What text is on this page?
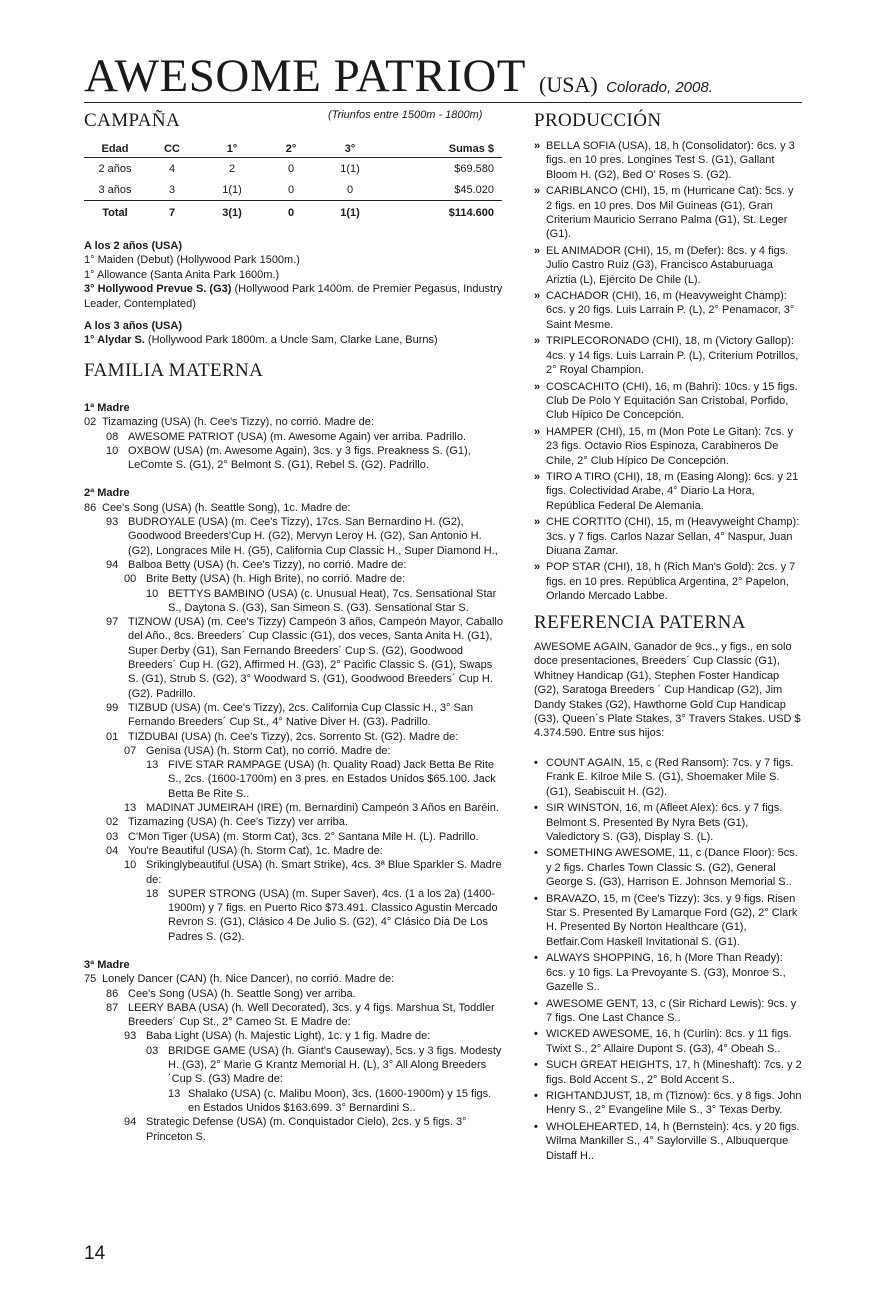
AWESOME PATRIOT (USA) Colorado, 2008.
CAMPAÑA	(Triunfos entre 1500m - 1800m)
Edad	CC	1°	2°	3°	Sumas $
2 años	4	2	0	1(1)	$69.580
3 años	3	1(1)	0	0	$45.020
Total	7	3(1)	0	1(1)	$114.600

A los 2 años (USA)

1° Maiden (Debut) (Hollywood Park 1500m.)

1° Allowance (Santa Anita Park 1600m.)

3° Hollywood Prevue S. (G3) (Hollywood Park 1400m. de Premier Pegasus, Industry Leader, Contemplated)

A los 3 años (USA)

1° Alydar S. (Hollywood Park 1800m. a Uncle Sam, Clarke Lane, Burns)

FAMILIA MATERNA
1ª Madre
02 Tizamazing (USA) (h. Cee's Tizzy), no corrió. Madre de:
08 AWESOME PATRIOT (USA) (m. Awesome Again) ver arriba. Padrillo.
10 OXBOW (USA) (m. Awesome Again), 3cs. y 3 figs. Preakness S. (G1), LeComte S. (G1), 2° Belmont S. (G1), Rebel S. (G2). Padrillo.
2ª Madre
86 Cee's Song (USA) (h. Seattle Song), 1c. Madre de:
93 BUDROYALE (USA) (m. Cee's Tizzy), 17cs. San Bernardino H. (G2), Goodwood Breeders'Cup H. (G2), Mervyn Leroy H. (G2), San Antonio H.(G2), Longraces Mile H. (G5), California Cup Classic H., Super Diamond H.,
94 Balboa Betty (USA) (h. Cee's Tizzy), no corrió. Madre de:
00 Brite Betty (USA) (h. High Brite), no corrió. Madre de:
10 BETTYS BAMBINO (USA) (c. Unusual Heat), 7cs. Sensational Star S., Daytona S. (G3), San Simeon S. (G3). Sensational Star S.
97 TIZNOW (USA) (m. Cee's Tizzy) Campeón 3 años, Campeón Mayor, Caballo del Año., 8cs. Breeders´ Cup Classic (G1), dos veces, Santa Anita H. (G1), Super Derby (G1), San Fernando Breeders´ Cup S. (G2), Goodwood Breeders´ Cup H. (G2), Affirmed H. (G3), 2° Pacific Classic S. (G1), Swaps S. (G1), Strub S. (G2), 3° Woodward S. (G1), Goodwood Breeders´ Cup H. (G2). Padrillo.
99 TIZBUD (USA) (m. Cee's Tizzy), 2cs. California Cup Classic H., 3° San Fernando Breeders´ Cup St., 4° Native Diver H. (G3). Padrillo.
01 TIZDUBAI (USA) (h. Cee's Tizzy), 2cs. Sorrento St. (G2). Madre de:
07 Genisa (USA) (h. Storm Cat), no corrió. Madre de:
13 FIVE STAR RAMPAGE (USA) (h. Quality Road) Jack Betta Be Rite S., 2cs. (1600-1700m) en 3 pres. en Estados Unidos $65.100. Jack Betta Be Rite S..
13 MADINAT JUMEIRAH (IRE) (m. Bernardini) Campeón 3 Años en Baréin.
02 Tizamazing (USA) (h. Cee's Tizzy) ver arriba.
03 C'Mon Tiger (USA) (m. Storm Cat), 3cs. 2° Santana Mile H. (L). Padrillo.
04 You're Beautiful (USA) (h. Storm Cat), 1c. Madre de:
10 Srikinglybeautiful (USA) (h. Smart Strike), 4cs. 3ª Blue Sparkler S. Madre de:
18 SUPER STRONG (USA) (m. Super Saver), 4cs. (1 a los 2a) (1400-1900m) y 7 figs. en Puerto Rico $73.491. Classico Agustin Mercado Revron S. (G1), Clásico 4 De Julio S. (G2), 4° Clásico Dia De Los Padres S. (G2).
3ª Madre
75 Lonely Dancer (CAN) (h. Nice Dancer), no corrió. Madre de:
86 Cee's Song (USA) (h. Seattle Song) ver arriba.
87 LEERY BABA (USA) (h. Well Decorated), 3cs. y 4 figs. Marshua St, Toddler Breeders´ Cup St., 2° Cameo St. E Madre de:
93 Baba Light (USA) (h. Majestic Light), 1c. y 1 fig. Madre de:
03 BRIDGE GAME (USA) (h. Giant's Causeway), 5cs. y 3 figs. Modesty H. (G3), 2° Marie G Krantz Memorial H. (L), 3° All Along Breeders´Cup S. (G3) Madre de:
13 Shalako (USA) (c. Malibu Moon), 3cs. (1600-1900m) y 15 figs. en Estados Unidos $163.699. 3° Bernardini S..
94 Strategic Defense (USA) (m. Conquistador Cielo), 2cs. y 5 figs. 3° Princeton S.
PRODUCCIÓN
» BELLA SOFIA (USA), 18, h (Consolidator): 6cs. y 3 figs. en 10 pres. Longines Test S. (G1), Gallant Bloom H. (G2), Bed O' Roses S. (G2).
» CARIBLANCO (CHI), 15, m (Hurricane Cat): 5cs. y 2 figs. en 10 pres. Dos Mil Guineas (G1), Gran Criterium Mauricio Serrano Palma (G1), St. Leger (G1).
» EL ANIMADOR (CHI), 15, m (Defer): 8cs. y 4 figs. Julio Castro Ruiz (G3), Francisco Astaburuaga Ariztia (L), Ejército De Chile (L).
» CACHADOR (CHI), 16, m (Heavyweight Champ): 6cs. y 20 figs. Luis Larrain P. (L), 2° Penamacor, 3° Saint Mesme.
» TRIPLECORONADO (CHI), 18, m (Victory Gallop): 4cs. y 14 figs. Luis Larrain P. (L), Criterium Potrillos, 2° Royal Champion.
» COSCACHITO (CHI), 16, m (Bahri): 10cs. y 15 figs. Club De Polo Y Equitación San Cristobal, Porfido, Club Hípico De Concepción.
» HAMPER (CHI), 15, m (Mon Pote Le Gitan): 7cs. y 23 figs. Octavio Rios Espinoza, Carabineros De Chile, 2° Club Hípico De Concepción.
» TIRO A TIRO (CHI), 18, m (Easing Along): 6cs. y 21 figs. Colectividad Arabe, 4° Diario La Hora, República Federal De Alemania.
» CHE CORTITO (CHI), 15, m (Heavyweight Champ): 3cs. y 7 figs. Carlos Nazar Sellan, 4° Naspur, Juan Diuana Zamar.
» POP STAR (CHI), 18, h (Rich Man's Gold): 2cs. y 7 figs. en 10 pres. República Argentina, 2° Papelon, Orlando Mercado Labbe.
REFERENCIA PATERNA
AWESOME AGAIN, Ganador de 9cs., y figs., en solo doce presentaciones, Breeders´ Cup Classic (G1), Whitney Handicap (G1), Stephen Foster Handicap (G2), Saratoga Breeders ´ Cup Handicap (G2), Jim Dandy Stakes (G2), Hawthorne Gold Cup Handicap (G3), Queen´s Plate Stakes, 3° Travers Stakes. USD $ 4.374.590. Entre sus hijos:
• COUNT AGAIN, 15, c (Red Ransom): 7cs. y 7 figs. Frank E. Kilroe Mile S. (G1), Shoemaker Mile S. (G1), Seabiscuit H. (G2).
• SIR WINSTON, 16, m (Afleet Alex): 6cs. y 7 figs. Belmont S. Presented By Nyra Bets (G1), Valedictory S. (G3), Display S. (L).
• SOMETHING AWESOME, 11, c (Dance Floor): 5cs. y 2 figs. Charles Town Classic S. (G2), General George S. (G3), Harrison E. Johnson Memorial S..
• BRAVAZO, 15, m (Cee's Tizzy): 3cs. y 9 figs. Risen Star S. Presented By Lamarque Ford (G2), 2° Clark H. Presented By Norton Healthcare (G1), Betfair.Com Haskell Invitational S. (G1).
• ALWAYS SHOPPING, 16, h (More Than Ready): 6cs. y 10 figs. La Prevoyante S. (G3), Monroe S., Gazelle S..
• AWESOME GENT, 13, c (Sir Richard Lewis): 9cs. y 7 figs. One Last Chance S..
• WICKED AWESOME, 16, h (Curlin): 8cs. y 11 figs. Twixt S., 2° Allaire Dupont S. (G3), 4° Obeah S..
• SUCH GREAT HEIGHTS, 17, h (Mineshaft): 7cs. y 2 figs. Bold Accent S., 2° Bold Accent S..
• RIGHTANDJUST, 18, m (Tiznow): 6cs. y 8 figs. John Henry S., 2° Evangeline Mile S., 3° Texas Derby.
• WHOLEHEARTED, 14, h (Bernstein): 4cs. y 20 figs. Wilma Mankiller S., 4° Saylorville S., Albuquerque Distaff H..
14
